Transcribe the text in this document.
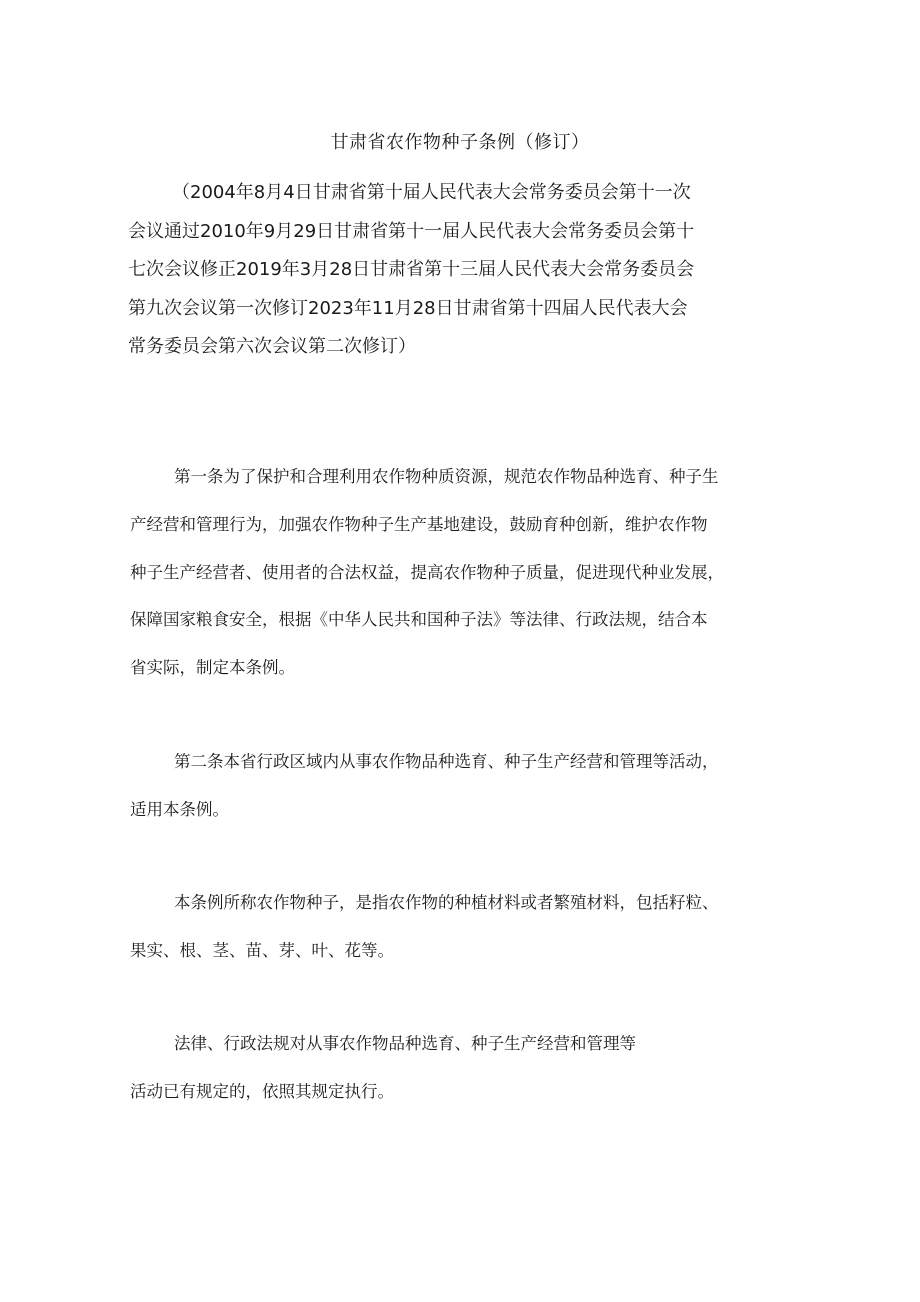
甘肃省农作物种子条例（修订）
（2004年8月4日甘肃省第十届人民代表大会常务委员会第十一次
会议通过2010年9月29日甘肃省第十一届人民代表大会常务委员会第十
七次会议修正2019年3月28日甘肃省第十三届人民代表大会常务委员会
第九次会议第一次修订2023年11月28日甘肃省第十四届人民代表大会
常务委员会第六次会议第二次修订）
第一条为了保护和合理利用农作物种质资源，规范农作物品种选育、种子生
产经营和管理行为，加强农作物种子生产基地建设，鼓励育种创新，维护农作物
种子生产经营者、使用者的合法权益，提高农作物种子质量，促进现代种业发展，
保障国家粮食安全，根据《中华人民共和国种子法》等法律、行政法规，结合本
省实际，制定本条例。
第二条本省行政区域内从事农作物品种选育、种子生产经营和管理等活动，
适用本条例。
本条例所称农作物种子，是指农作物的种植材料或者繁殖材料，包括籽粒、
果实、根、茎、苗、芽、叶、花等。
法律、行政法规对从事农作物品种选育、种子生产经营和管理等
活动已有规定的，依照其规定执行。
